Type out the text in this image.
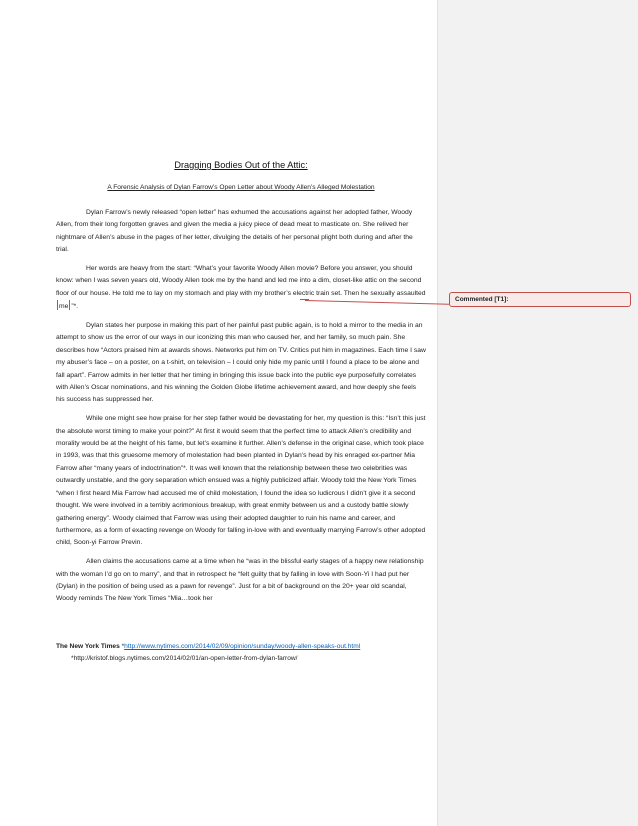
Commented [T1]:
Dragging Bodies Out of the Attic:
A Forensic Analysis of Dylan Farrow’s Open Letter about Woody Allen’s Alleged Molestation

Dylan Farrow’s newly released “open letter” has exhumed the accusations against her adopted father, Woody Allen, from their long forgotten graves and given the media a juicy piece of dead meat to masticate on. She relived her nightmare of Allen’s abuse in the pages of her letter, divulging the details of her personal plight both during and after the trial.

Her words are heavy from the start: “What’s your favorite Woody Allen movie? Before you answer, you should know: when I was seven years old, Woody Allen took me by the hand and led me into a dim, closet-like attic on the second floor of our house. He told me to lay on my stomach and play with my brother’s electric train set. Then he sexually assaulted me ”*.

Dylan states her purpose in making this part of her painful past public again, is to hold a mirror to the media in an attempt to show us the error of our ways in our iconizing this man who caused her, and her family, so much pain. She describes how “Actors praised him at awards shows. Networks put him on TV. Critics put him in magazines. Each time I saw my abuser’s face – on a poster, on a t-shirt, on television – I could only hide my panic until I found a place to be alone and fall apart”. Farrow admits in her letter that her timing in bringing this issue back into the public eye purposefully correlates with Allen’s Oscar nominations, and his winning the Golden Globe lifetime achievement award, and how deeply she feels his success has suppressed her.

While one might see how praise for her step father would be devastating for her, my question is this: “Isn’t this just the absolute worst timing to make your point?” At first it would seem that the perfect time to attack Allen’s credibility and morality would be at the height of his fame, but let’s examine it further. Allen’s defense in the original case, which took place in 1993, was that this gruesome memory of molestation had been planted in Dylan’s head by his enraged ex-partner Mia Farrow after “many years of indoctrination”*. It was well known that the relationship between these two celebrities was outwardly unstable, and the gory separation which ensued was a highly publicized affair. Woody told the New York Times “when I first heard Mia Farrow had accused me of child molestation, I found the idea so ludicrous I didn’t give it a second thought. We were involved in a terribly acrimonious breakup, with great enmity between us and a custody battle slowly gathering energy”. Woody claimed that Farrow was using their adopted daughter to ruin his name and career, and furthermore, as a form of exacting revenge on Woody for falling in-love with and eventually marrying Farrow’s other adopted child, Soon-yi Farrow Previn.

Allen claims the accusations came at a time when he “was in the blissful early stages of a happy new relationship with the woman I’d go on to marry”, and that in retrospect he “felt guilty that by falling in love with Soon-Yi I had put her (Dylan) in the position of being used as a pawn for revenge”. Just for a bit of background on the 20+ year old scandal, Woody reminds The New York Times “Mia…took her

The New York Times *http://www.nytimes.com/2014/02/09/opinion/sunday/woody-allen-speaks-out.html

*http://kristof.blogs.nytimes.com/2014/02/01/an-open-letter-from-dylan-farrow/
